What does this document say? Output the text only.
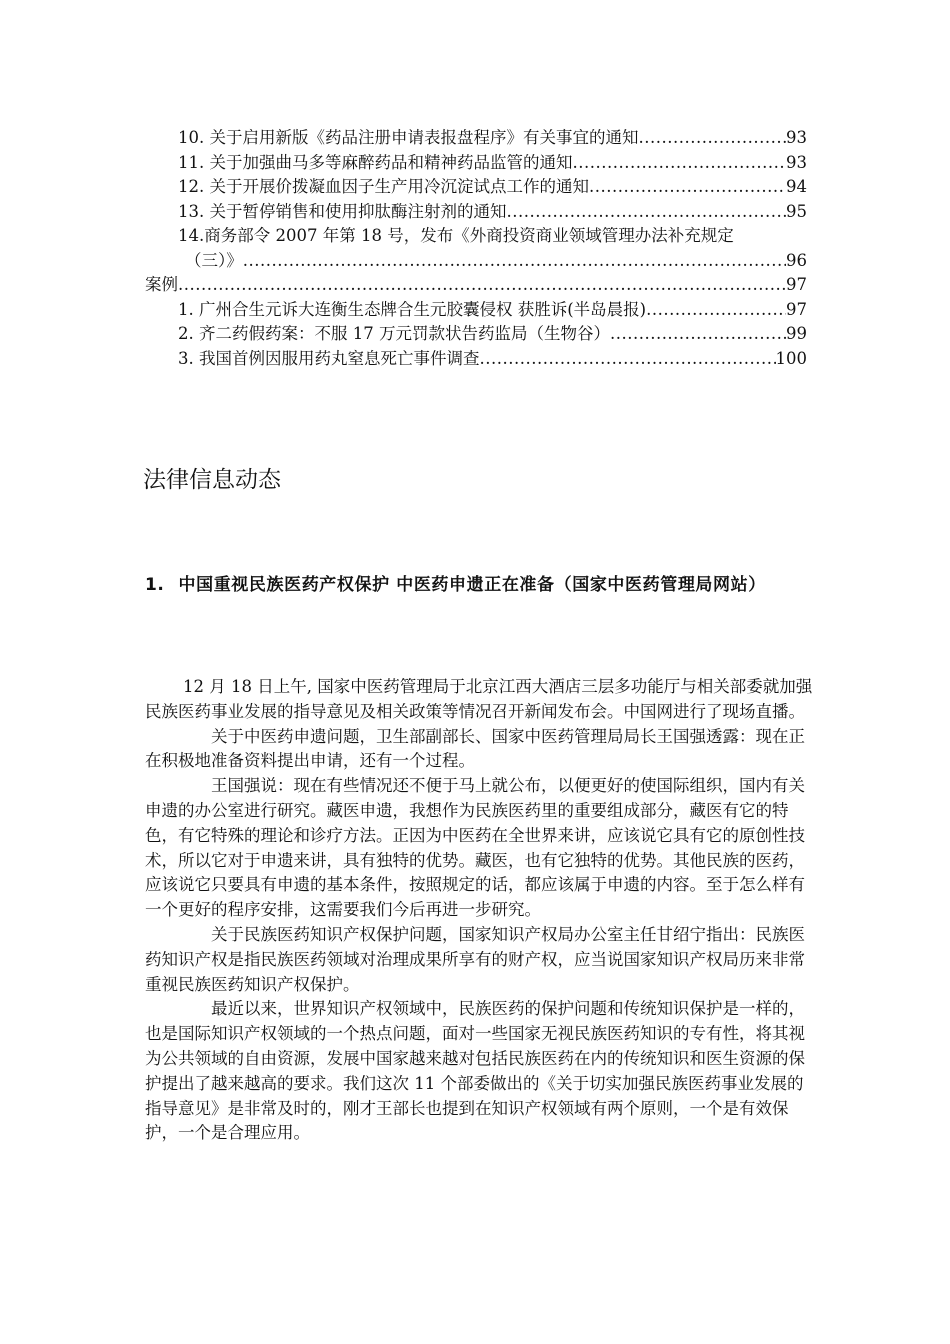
10. 关于启用新版《药品注册申请表报盘程序》有关事宜的通知 .....	93
11. 关于加强曲马多等麻醉药品和精神药品监管的通知 .....	93
12. 关于开展价拨凝血因子生产用冷沉淀试点工作的通知 .....	94
13. 关于暂停销售和使用抑肽酶注射剂的通知 .....	95
14.商务部令 2007 年第 18 号，发布《外商投资商业领域管理办法补充规定
（三）》 .....	96
案例 .....	97
1. 广州合生元诉大连衡生态牌合生元胶囊侵权 获胜诉(半岛晨报) .....	97
2. 齐二药假药案：不服 17 万元罚款状告药监局（生物谷） .....	99
3. 我国首例因服用药丸窒息死亡事件调查 .....	100
法律信息动态
1. 中国重视民族医药产权保护 中医药申遗正在准备（国家中医药管理局网站）

12 月 18 日上午, 国家中医药管理局于北京江西大酒店三层多功能厅与相关部委就加强民族医药事业发展的指导意见及相关政策等情况召开新闻发布会。中国网进行了现场直播。

关于中医药申遗问题，卫生部副部长、国家中医药管理局局长王国强透露：现在正在积极地准备资料提出申请，还有一个过程。

王国强说：现在有些情况还不便于马上就公布，以便更好的使国际组织，国内有关申遗的办公室进行研究。藏医申遗，我想作为民族医药里的重要组成部分，藏医有它的特色，有它特殊的理论和诊疗方法。正因为中医药在全世界来讲，应该说它具有它的原创性技术，所以它对于申遗来讲，具有独特的优势。藏医，也有它独特的优势。其他民族的医药，应该说它只要具有申遗的基本条件，按照规定的话，都应该属于申遗的内容。至于怎么样有一个更好的程序安排，这需要我们今后再进一步研究。

关于民族医药知识产权保护问题，国家知识产权局办公室主任甘绍宁指出：民族医药知识产权是指民族医药领域对治理成果所享有的财产权，应当说国家知识产权局历来非常重视民族医药知识产权保护。

最近以来，世界知识产权领域中，民族医药的保护问题和传统知识保护是一样的，也是国际知识产权领域的一个热点问题，面对一些国家无视民族医药知识的专有性，将其视为公共领域的自由资源，发展中国家越来越对包括民族医药在内的传统知识和医生资源的保护提出了越来越高的要求。我们这次 11 个部委做出的《关于切实加强民族医药事业发展的指导意见》是非常及时的，刚才王部长也提到在知识产权领域有两个原则，一个是有效保护，一个是合理应用。
